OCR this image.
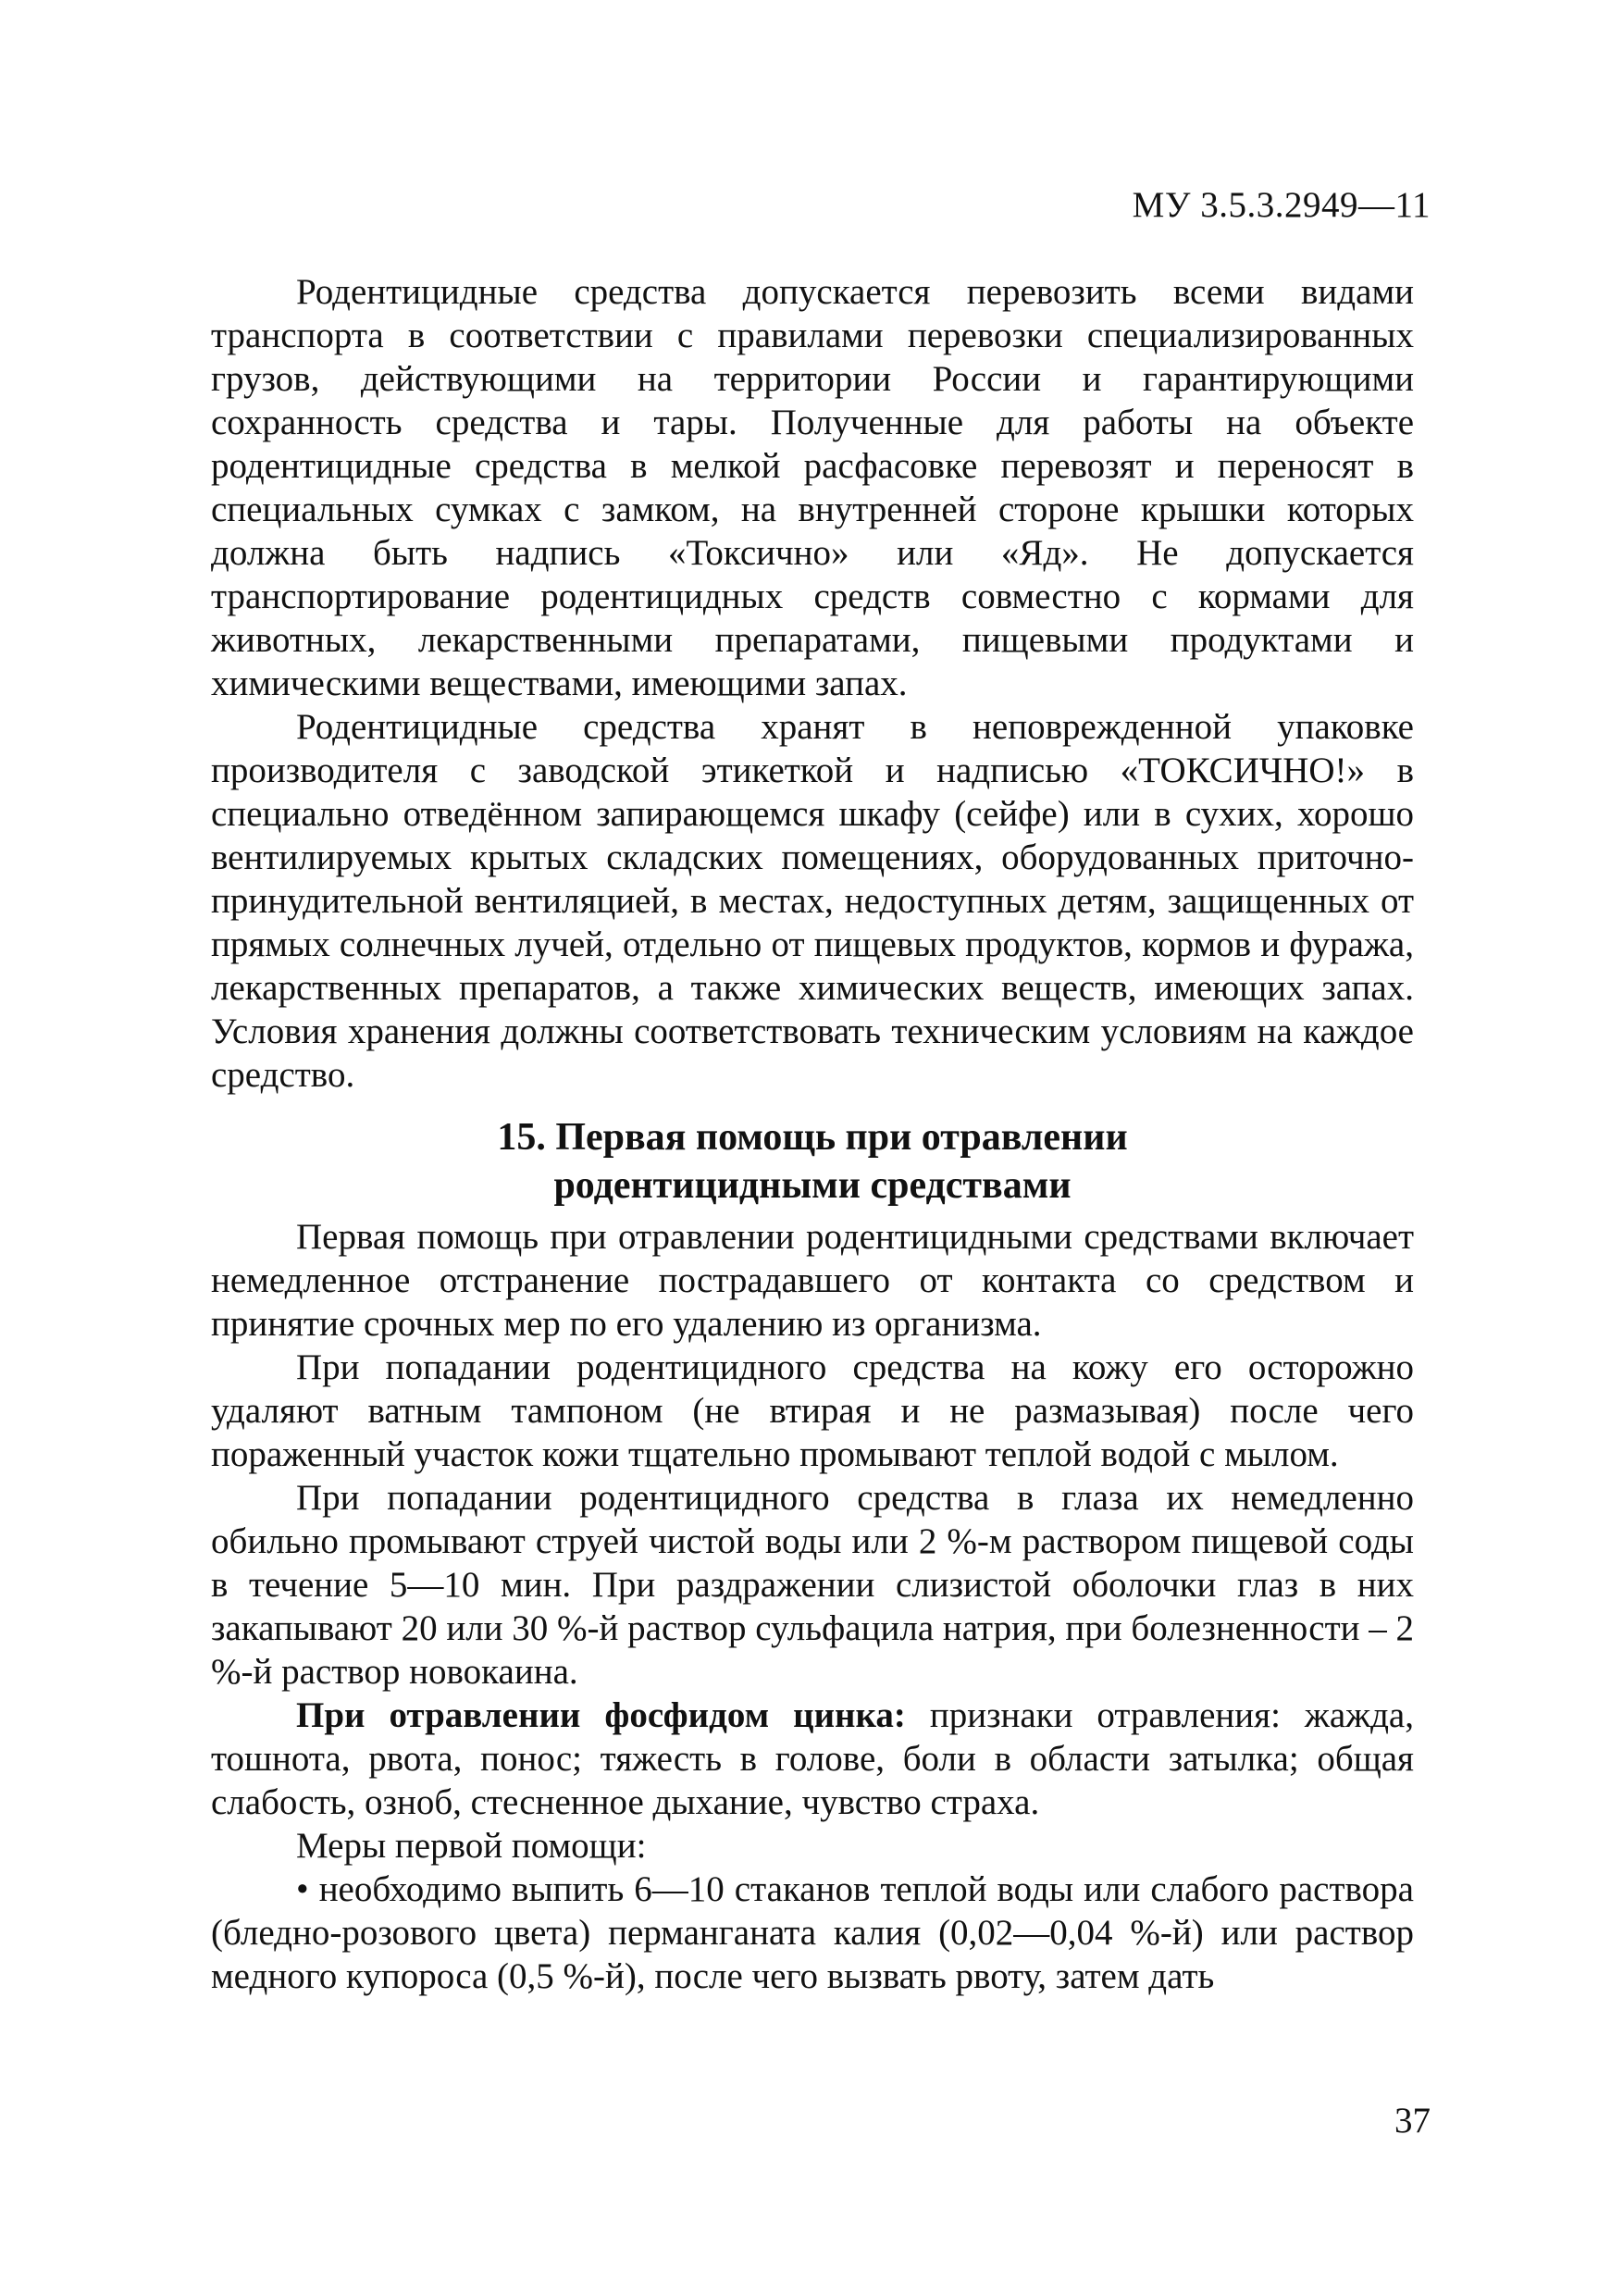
МУ 3.5.3.2949—11

Родентицидные средства допускается перевозить всеми видами транспорта в соответствии с правилами перевозки специализированных грузов, действующими на территории России и гарантирующими сохранность средства и тары. Полученные для работы на объекте родентицидные средства в мелкой расфасовке перевозят и переносят в специальных сумках с замком, на внутренней стороне крышки которых должна быть надпись «Токсично» или «Яд». Не допускается транспортирование родентицидных средств совместно с кормами для животных, лекарственными препаратами, пищевыми продуктами и химическими веществами, имеющими запах.

Родентицидные средства хранят в неповрежденной упаковке производителя с заводской этикеткой и надписью «ТОКСИЧНО!» в специально отведённом запирающемся шкафу (сейфе) или в сухих, хорошо вентилируемых крытых складских помещениях, оборудованных приточно-принудительной вентиляцией, в местах, недоступных детям, защищенных от прямых солнечных лучей, отдельно от пищевых продуктов, кормов и фуража, лекарственных препаратов, а также химических веществ, имеющих запах. Условия хранения должны соответствовать техническим условиям на каждое средство.

15. Первая помощь при отравлении
родентицидными средствами

Первая помощь при отравлении родентицидными средствами включает немедленное отстранение пострадавшего от контакта со средством и принятие срочных мер по его удалению из организма.

При попадании родентицидного средства на кожу его осторожно удаляют ватным тампоном (не втирая и не размазывая) после чего пораженный участок кожи тщательно промывают теплой водой с мылом.

При попадании родентицидного средства в глаза их немедленно обильно промывают струей чистой воды или 2 %-м раствором пищевой соды в течение 5—10 мин. При раздражении слизистой оболочки глаз в них закапывают 20 или 30 %-й раствор сульфацила натрия, при болезненности – 2 %-й раствор новокаина.

При отравлении фосфидом цинка: признаки отравления: жажда, тошнота, рвота, понос; тяжесть в голове, боли в области затылка; общая слабость, озноб, стесненное дыхание, чувство страха.

Меры первой помощи:

• необходимо выпить 6—10 стаканов теплой воды или слабого раствора (бледно-розового цвета) перманганата калия (0,02—0,04 %-й) или раствор медного купороса (0,5 %-й), после чего вызвать рвоту, затем дать

37
